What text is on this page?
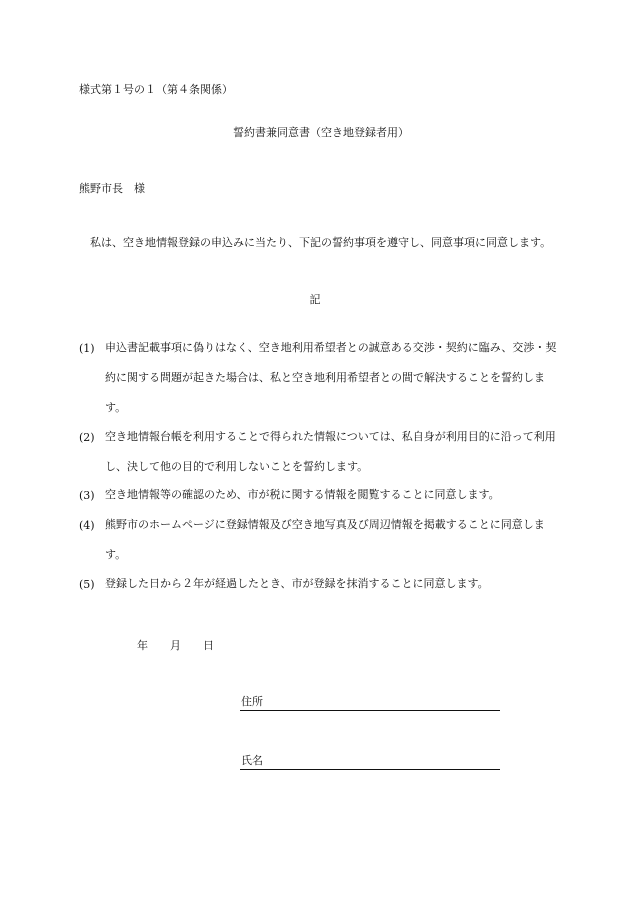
様式第１号の１（第４条関係）
誓約書兼同意書（空き地登録者用）
熊野市長　様
私は、空き地情報登録の申込みに当たり、下記の誓約事項を遵守し、同意事項に同意します。
記
(1) 申込書記載事項に偽りはなく、空き地利用希望者との誠意ある交渉・契約に臨み、交渉・契約に関する問題が起きた場合は、私と空き地利用希望者との間で解決することを誓約します。
(2) 空き地情報台帳を利用することで得られた情報については、私自身が利用目的に沿って利用し、決して他の目的で利用しないことを誓約します。
(3) 空き地情報等の確認のため、市が税に関する情報を閲覧することに同意します。
(4) 熊野市のホームページに登録情報及び空き地写真及び周辺情報を掲載することに同意します。
(5) 登録した日から２年が経過したとき、市が登録を抹消することに同意します。
年 月 日
住所
氏名
